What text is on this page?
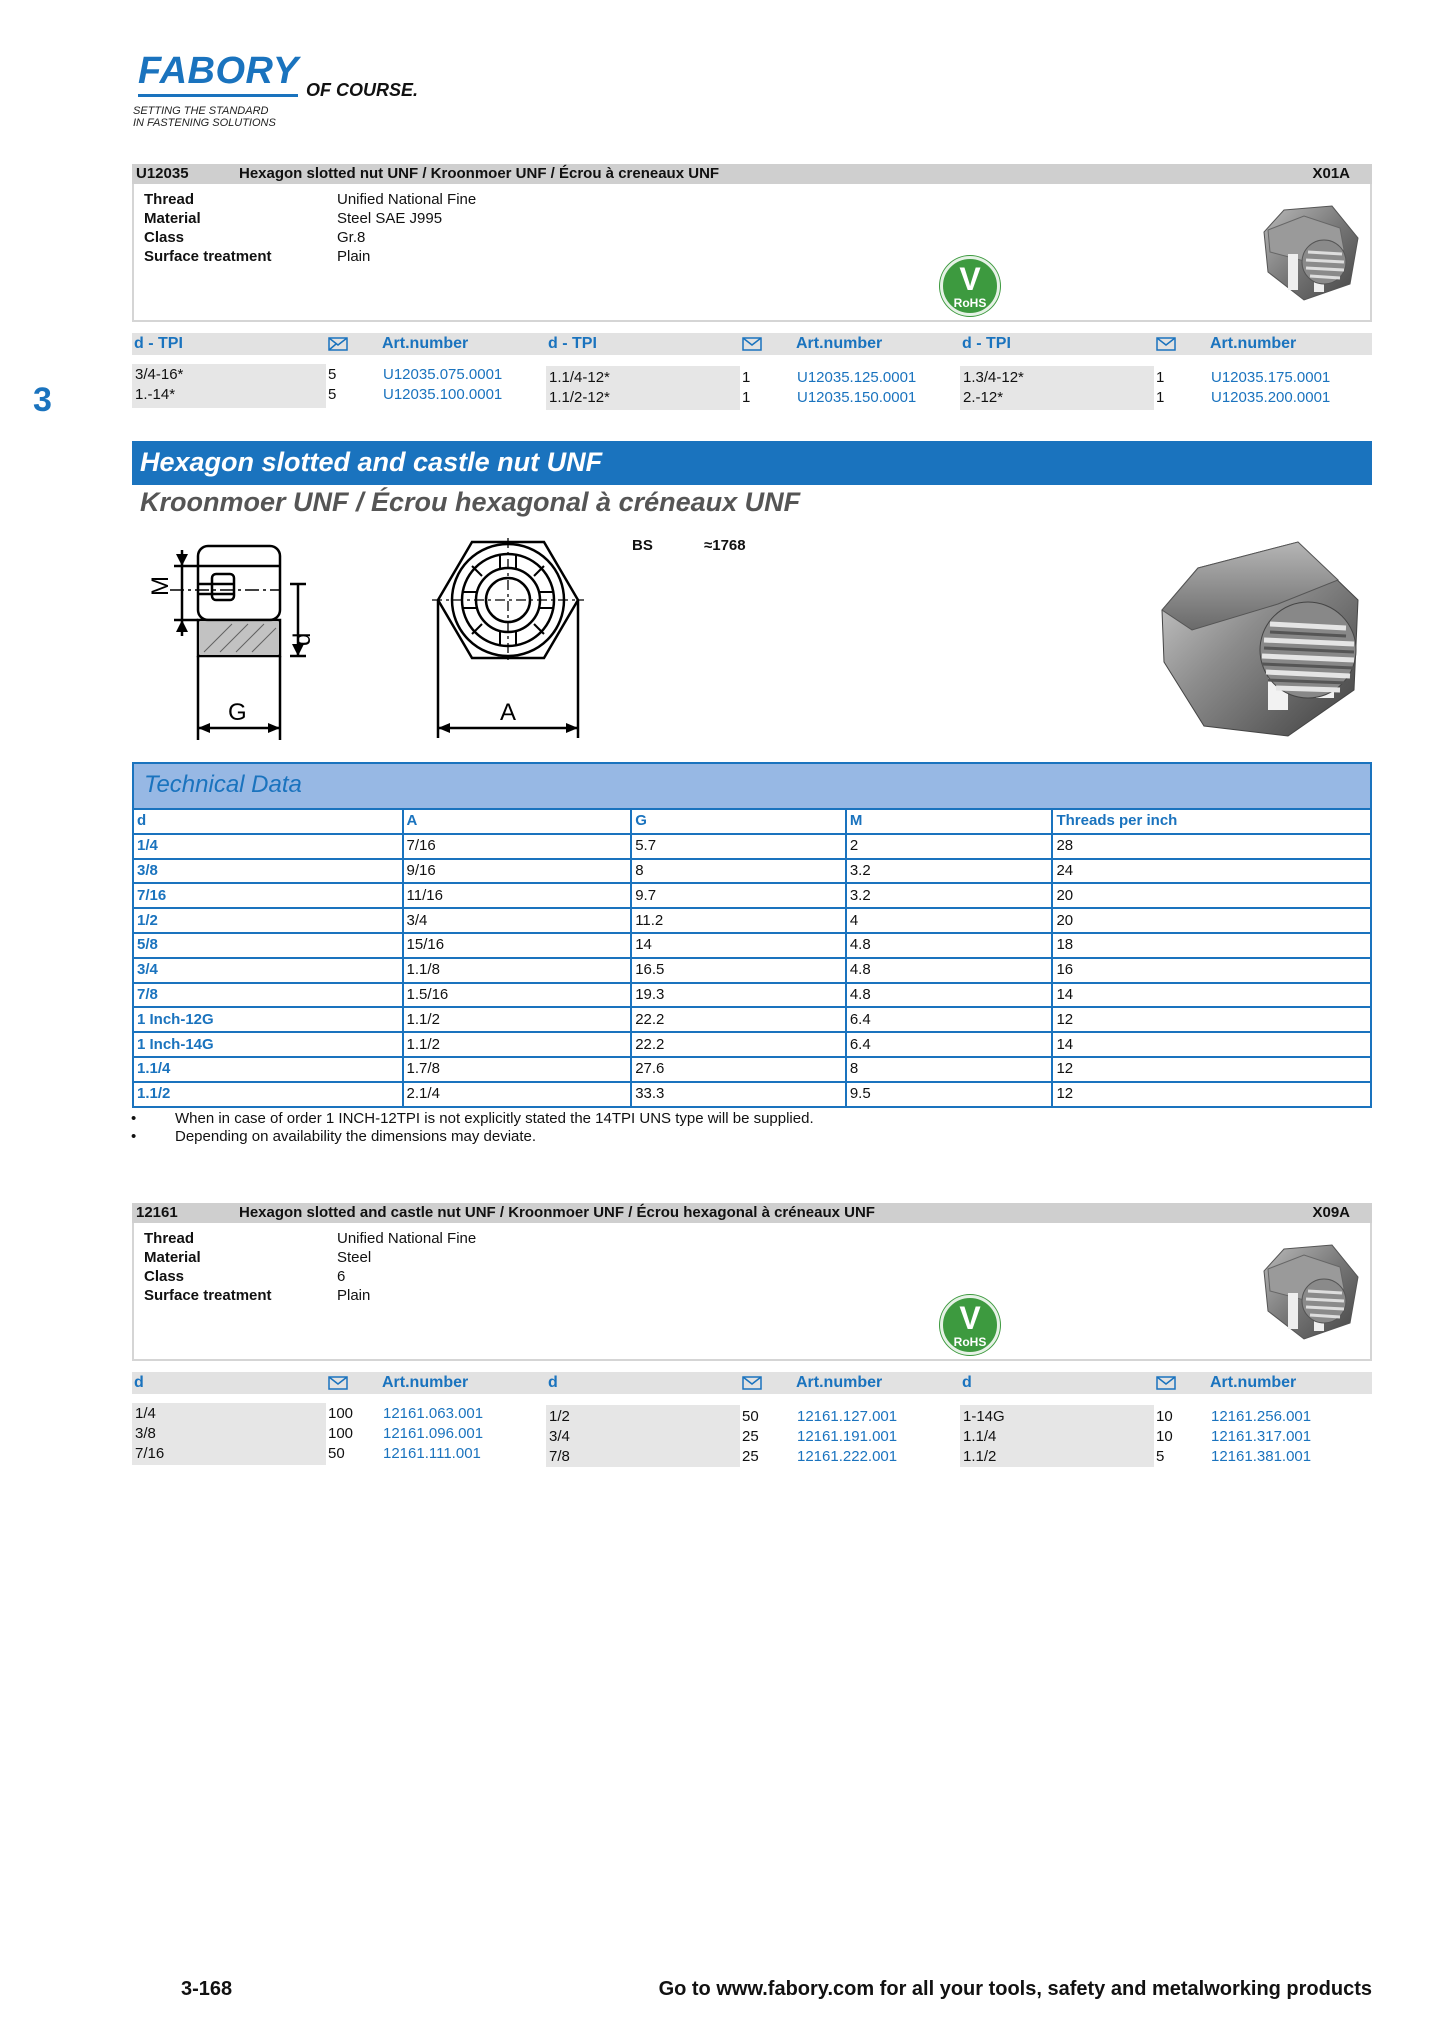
FABORY OF COURSE.
SETTING THE STANDARD
IN FASTENING SOLUTIONS
3
U12035	Hexagon slotted nut UNF / Kroonmoer UNF / Écrou à creneaux UNF	X01A
Thread	Unified National Fine
Material	Steel SAE J995
Class	Gr.8
Surface treatment	Plain
V
RoHS
d - TPI	Art.number	d - TPI	Art.number	d - TPI	Art.number
3/4-16*	5	U12035.075.0001
1.-14*	5	U12035.100.0001
1.1/4-12*	1	U12035.125.0001
1.1/2-12*	1	U12035.150.0001
1.3/4-12*	1	U12035.175.0001
2.-12*	1	U12035.200.0001
Hexagon slotted and castle nut UNF
Kroonmoer UNF / Écrou hexagonal à créneaux UNF
BS	≈1768
M
d
G	A
Technical Data
d	A	G	M	Threads per inch
1/4	7/16	5.7	2	28
3/8	9/16	8	3.2	24
7/16	11/16	9.7	3.2	20
1/2	3/4	11.2	4	20
5/8	15/16	14	4.8	18
3/4	1.1/8	16.5	4.8	16
7/8	1.5/16	19.3	4.8	14
1 Inch-12G	1.1/2	22.2	6.4	12
1 Inch-14G	1.1/2	22.2	6.4	14
1.1/4	1.7/8	27.6	8	12
1.1/2	2.1/4	33.3	9.5	12
•	When in case of order 1 INCH-12TPI is not explicitly stated the 14TPI UNS type will be supplied.
•	Depending on availability the dimensions may deviate.
12161	Hexagon slotted and castle nut UNF / Kroonmoer UNF / Écrou hexagonal à créneaux UNF	X09A
Thread	Unified National Fine
Material	Steel
Class	6
Surface treatment	Plain
V
RoHS
d	Art.number	d	Art.number	d	Art.number
1/4	100 12161.063.001
3/8	100 12161.096.001
7/16	50	12161.111.001
1/2	50	12161.127.001
3/4	25	12161.191.001
7/8	25	12161.222.001
1-14G	10	12161.256.001
1.1/4	10	12161.317.001
1.1/2	5	12161.381.001
3-168	Go to www.fabory.com for all your tools, safety and metalworking products
